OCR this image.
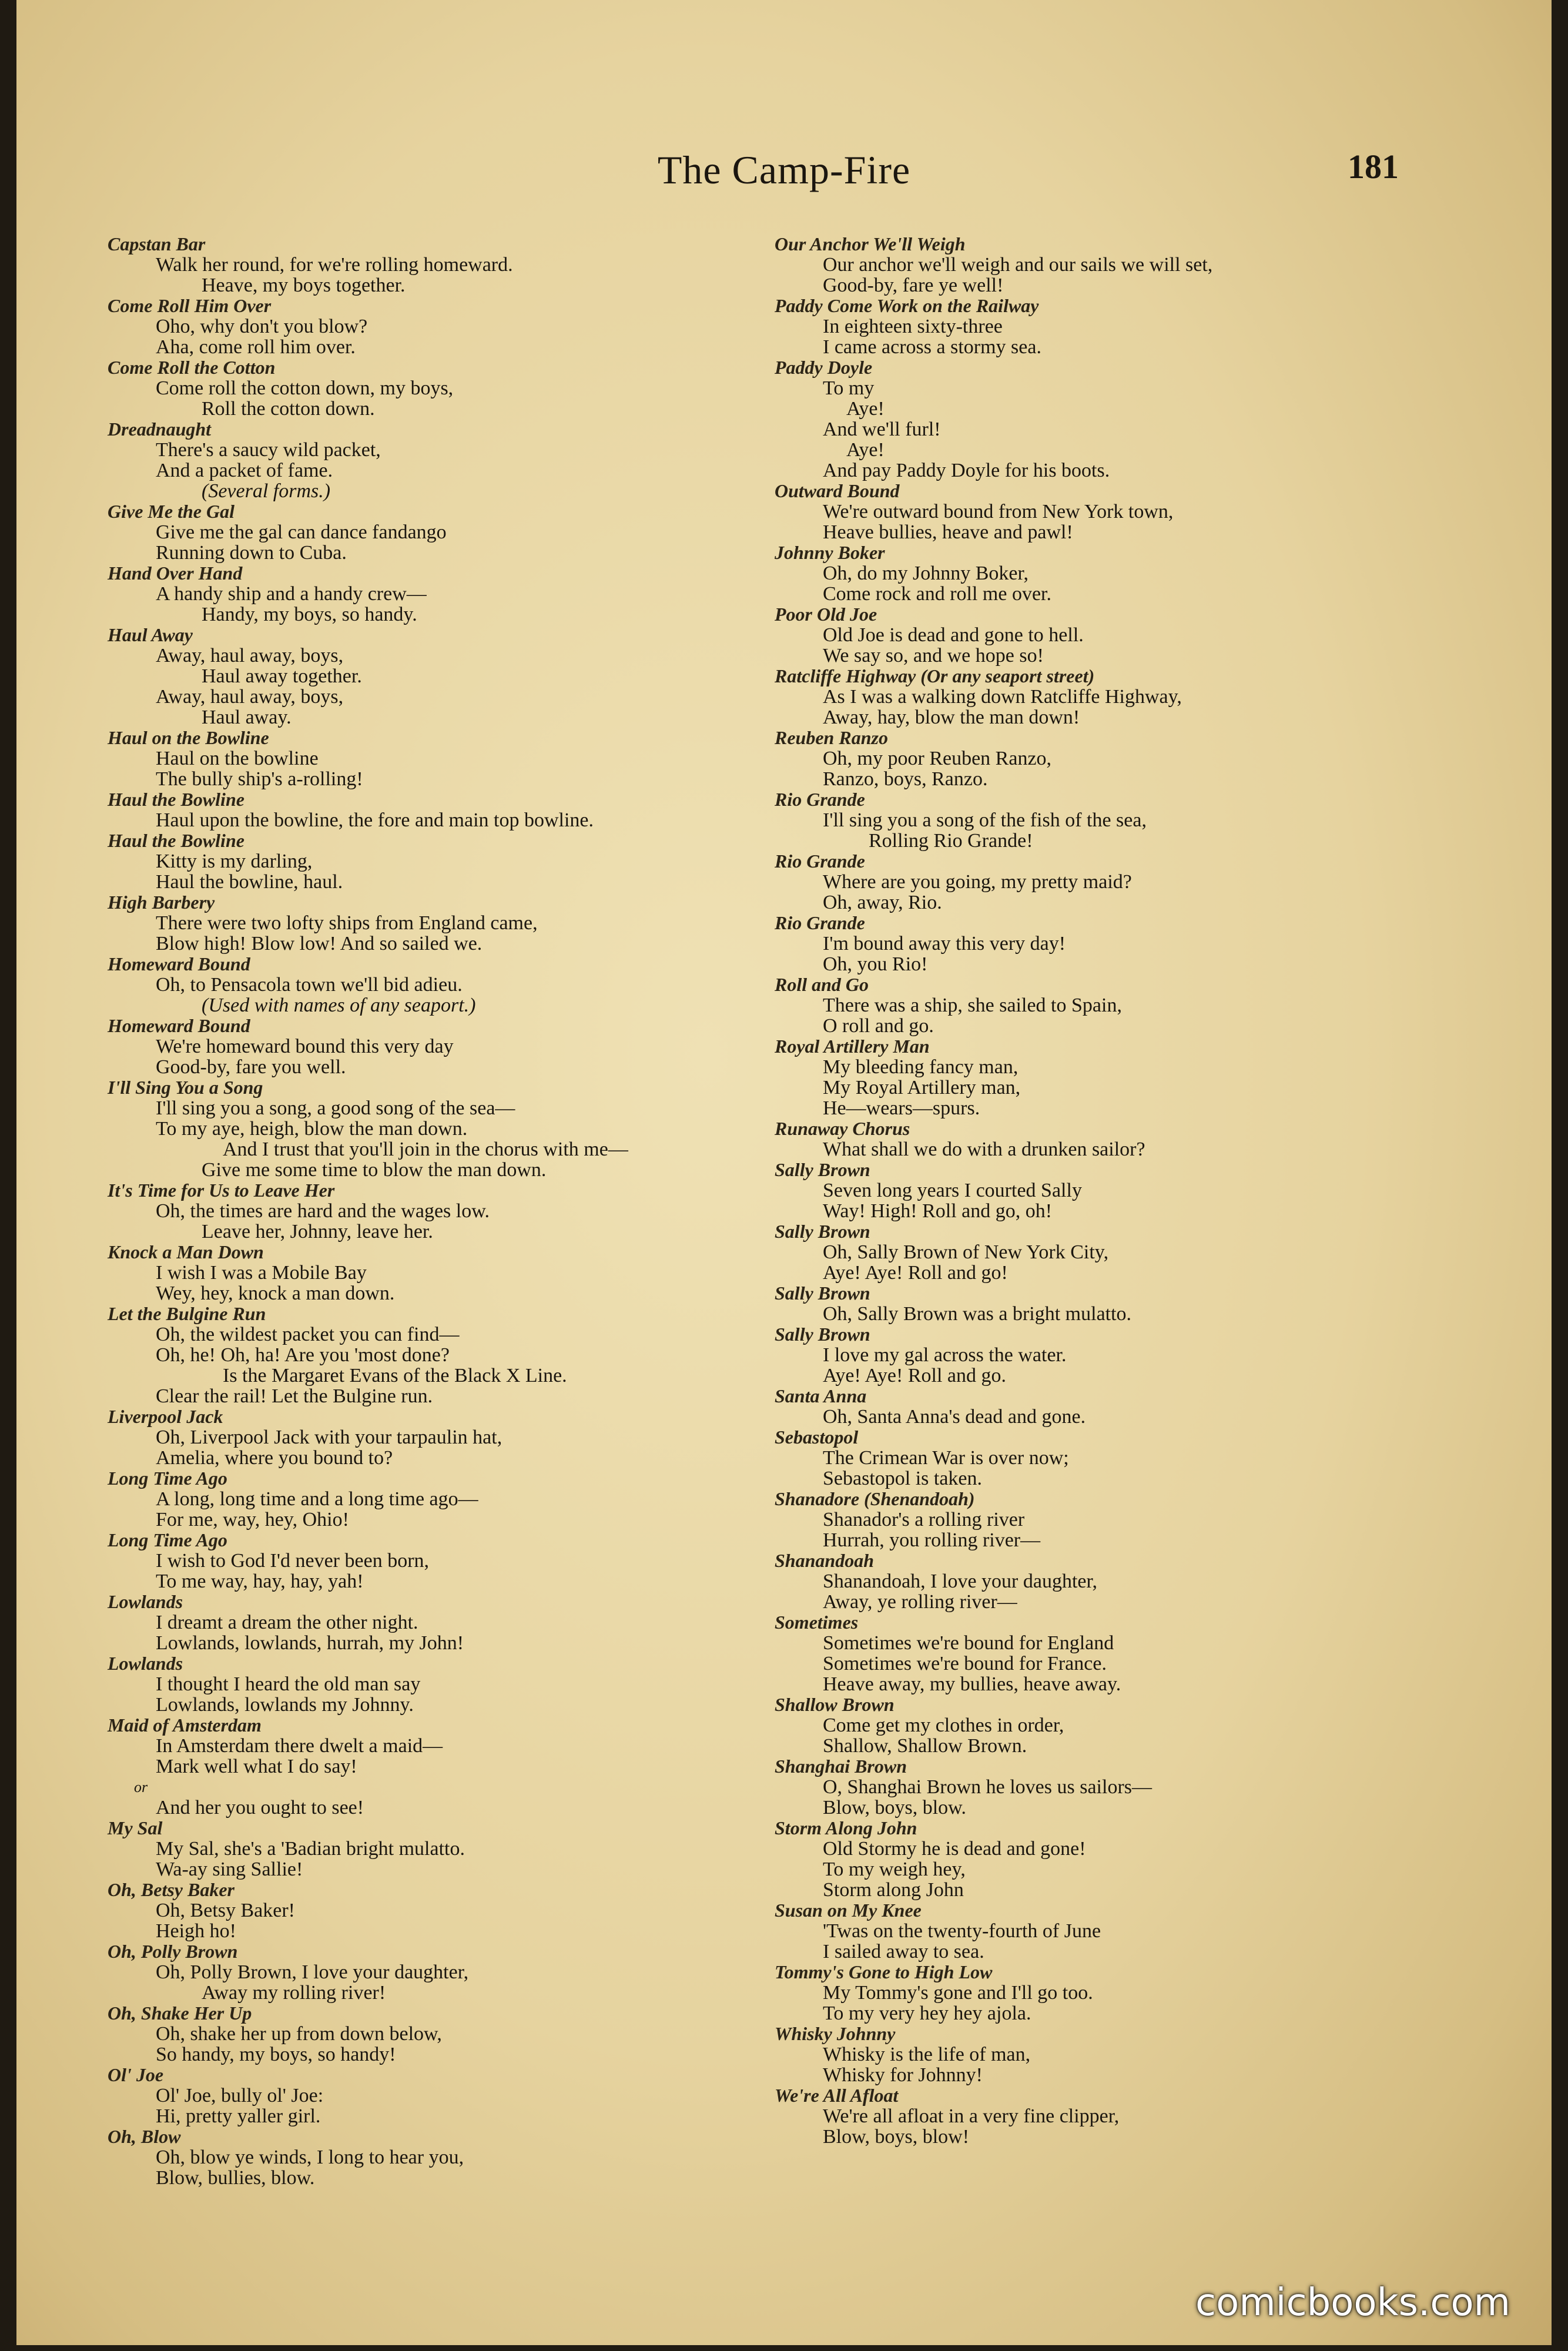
The Camp-Fire	181
Capstan Bar
Walk her round, for we're rolling homeward.
Heave, my boys together.
Come Roll Him Over
Oho, why don't you blow?
Aha, come roll him over.
Come Roll the Cotton
Come roll the cotton down, my boys,
Roll the cotton down.
Dreadnaught
There's a saucy wild packet,
And a packet of fame.
(Several forms.)
Give Me the Gal
Give me the gal can dance fandango
Running down to Cuba.
Hand Over Hand
A handy ship and a handy crew—
Handy, my boys, so handy.
Haul Away
Away, haul away, boys,
Haul away together.
Away, haul away, boys,
Haul away.
Haul on the Bowline
Haul on the bowline
The bully ship's a-rolling!
Haul the Bowline
Haul upon the bowline, the fore and main top bowline.
Haul the Bowline
Kitty is my darling,
Haul the bowline, haul.
High Barbery
There were two lofty ships from England came,
Blow high! Blow low! And so sailed we.
Homeward Bound
Oh, to Pensacola town we'll bid adieu.
(Used with names of any seaport.)
Homeward Bound
We're homeward bound this very day
Good-by, fare you well.
I'll Sing You a Song
I'll sing you a song, a good song of the sea—
To my aye, heigh, blow the man down.
And I trust that you'll join in the chorus with me—
Give me some time to blow the man down.
It's Time for Us to Leave Her
Oh, the times are hard and the wages low.
Leave her, Johnny, leave her.
Knock a Man Down
I wish I was a Mobile Bay
Wey, hey, knock a man down.
Let the Bulgine Run
Oh, the wildest packet you can find—
Oh, he! Oh, ha! Are you 'most done?
Is the Margaret Evans of the Black X Line.
Clear the rail! Let the Bulgine run.
Liverpool Jack
Oh, Liverpool Jack with your tarpaulin hat,
Amelia, where you bound to?
Long Time Ago
A long, long time and a long time ago—
For me, way, hey, Ohio!
Long Time Ago
I wish to God I'd never been born,
To me way, hay, hay, yah!
Lowlands
I dreamt a dream the other night.
Lowlands, lowlands, hurrah, my John!
Lowlands
I thought I heard the old man say
Lowlands, lowlands my Johnny.
Maid of Amsterdam
In Amsterdam there dwelt a maid—
Mark well what I do say!
or
And her you ought to see!
My Sal
My Sal, she's a 'Badian bright mulatto.
Wa-ay sing Sallie!
Oh, Betsy Baker
Oh, Betsy Baker!
Heigh ho!
Oh, Polly Brown
Oh, Polly Brown, I love your daughter,
Away my rolling river!
Oh, Shake Her Up
Oh, shake her up from down below,
So handy, my boys, so handy!
Ol' Joe
Ol' Joe, bully ol' Joe:
Hi, pretty yaller girl.
Oh, Blow
Oh, blow ye winds, I long to hear you,
Blow, bullies, blow.
Our Anchor We'll Weigh
Our anchor we'll weigh and our sails we will set,
Good-by, fare ye well!
Paddy Come Work on the Railway
In eighteen sixty-three
I came across a stormy sea.
Paddy Doyle
To my
Aye!
And we'll furl!
Aye!
And pay Paddy Doyle for his boots.
Outward Bound
We're outward bound from New York town,
Heave bullies, heave and pawl!
Johnny Boker
Oh, do my Johnny Boker,
Come rock and roll me over.
Poor Old Joe
Old Joe is dead and gone to hell.
We say so, and we hope so!
Ratcliffe Highway (Or any seaport street)
As I was a walking down Ratcliffe Highway,
Away, hay, blow the man down!
Reuben Ranzo
Oh, my poor Reuben Ranzo,
Ranzo, boys, Ranzo.
Rio Grande
I'll sing you a song of the fish of the sea,
Rolling Rio Grande!
Rio Grande
Where are you going, my pretty maid?
Oh, away, Rio.
Rio Grande
I'm bound away this very day!
Oh, you Rio!
Roll and Go
There was a ship, she sailed to Spain,
O roll and go.
Royal Artillery Man
My bleeding fancy man,
My Royal Artillery man,
He—wears—spurs.
Runaway Chorus
What shall we do with a drunken sailor?
Sally Brown
Seven long years I courted Sally
Way! High! Roll and go, oh!
Sally Brown
Oh, Sally Brown of New York City,
Aye! Aye! Roll and go!
Sally Brown
Oh, Sally Brown was a bright mulatto.
Sally Brown
I love my gal across the water.
Aye! Aye! Roll and go.
Santa Anna
Oh, Santa Anna's dead and gone.
Sebastopol
The Crimean War is over now;
Sebastopol is taken.
Shanadore (Shenandoah)
Shanador's a rolling river
Hurrah, you rolling river—
Shanandoah
Shanandoah, I love your daughter,
Away, ye rolling river—
Sometimes
Sometimes we're bound for England
Sometimes we're bound for France.
Heave away, my bullies, heave away.
Shallow Brown
Come get my clothes in order,
Shallow, Shallow Brown.
Shanghai Brown
O, Shanghai Brown he loves us sailors—
Blow, boys, blow.
Storm Along John
Old Stormy he is dead and gone!
To my weigh hey,
Storm along John
Susan on My Knee
'Twas on the twenty-fourth of June
I sailed away to sea.
Tommy's Gone to High Low
My Tommy's gone and I'll go too.
To my very hey hey ajola.
Whisky Johnny
Whisky is the life of man,
Whisky for Johnny!
We're All Afloat
We're all afloat in a very fine clipper,
Blow, boys, blow!
comicbooks.com
